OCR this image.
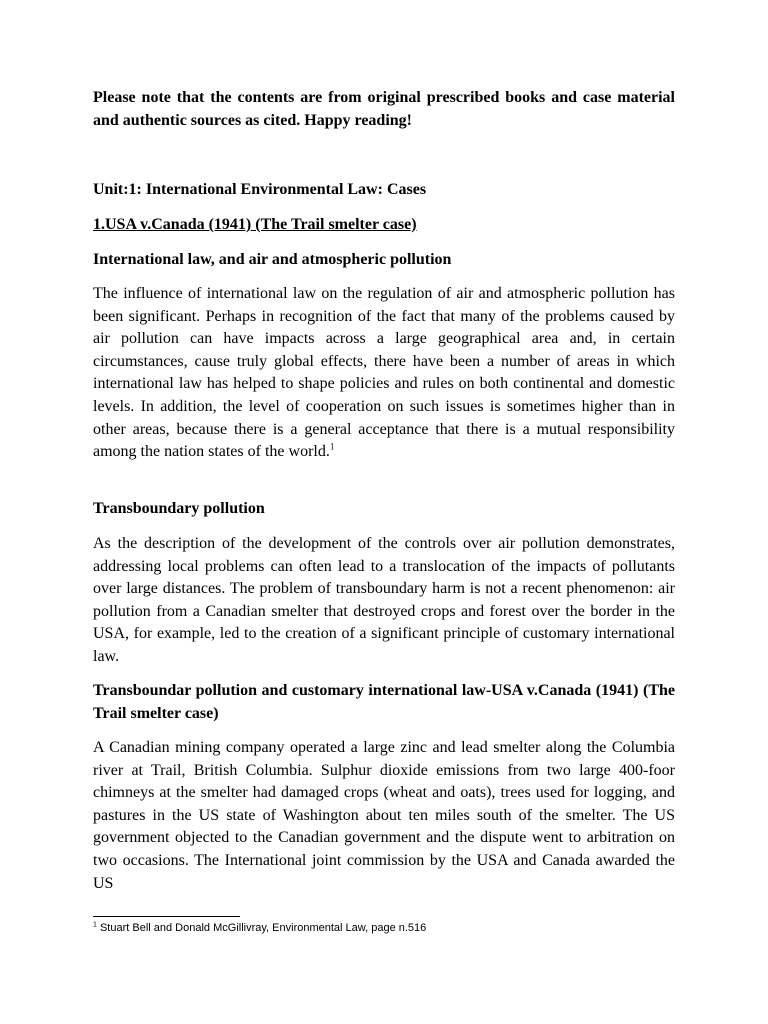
Please note that the contents are from original prescribed books and case material and authentic sources as cited. Happy reading!

Unit:1: International Environmental Law: Cases

1.USA v.Canada (1941) (The Trail smelter case)

International law, and air and atmospheric pollution

The influence of international law on the regulation of air and atmospheric pollution has been significant. Perhaps in recognition of the fact that many of the problems caused by air pollution can have impacts across a large geographical area and, in certain circumstances, cause truly global effects, there have been a number of areas in which international law has helped to shape policies and rules on both continental and domestic levels. In addition, the level of cooperation on such issues is sometimes higher than in other areas, because there is a general acceptance that there is a mutual responsibility among the nation states of the world.$^1$

Transboundary pollution

As the description of the development of the controls over air pollution demonstrates, addressing local problems can often lead to a translocation of the impacts of pollutants over large distances. The problem of transboundary harm is not a recent phenomenon: air pollution from a Canadian smelter that destroyed crops and forest over the border in the USA, for example, led to the creation of a significant principle of customary international law.

Transboundar pollution and customary international law-USA v.Canada (1941) (The Trail smelter case)

A Canadian mining company operated a large zinc and lead smelter along the Columbia river at Trail, British Columbia. Sulphur dioxide emissions from two large 400-foor chimneys at the smelter had damaged crops (wheat and oats), trees used for logging, and pastures in the US state of Washington about ten miles south of the smelter. The US government objected to the Canadian government and the dispute went to arbitration on two occasions. The International joint commission by the USA and Canada awarded the US

$^1$ Stuart Bell and Donald McGillivray, Environmental Law, page n.516
